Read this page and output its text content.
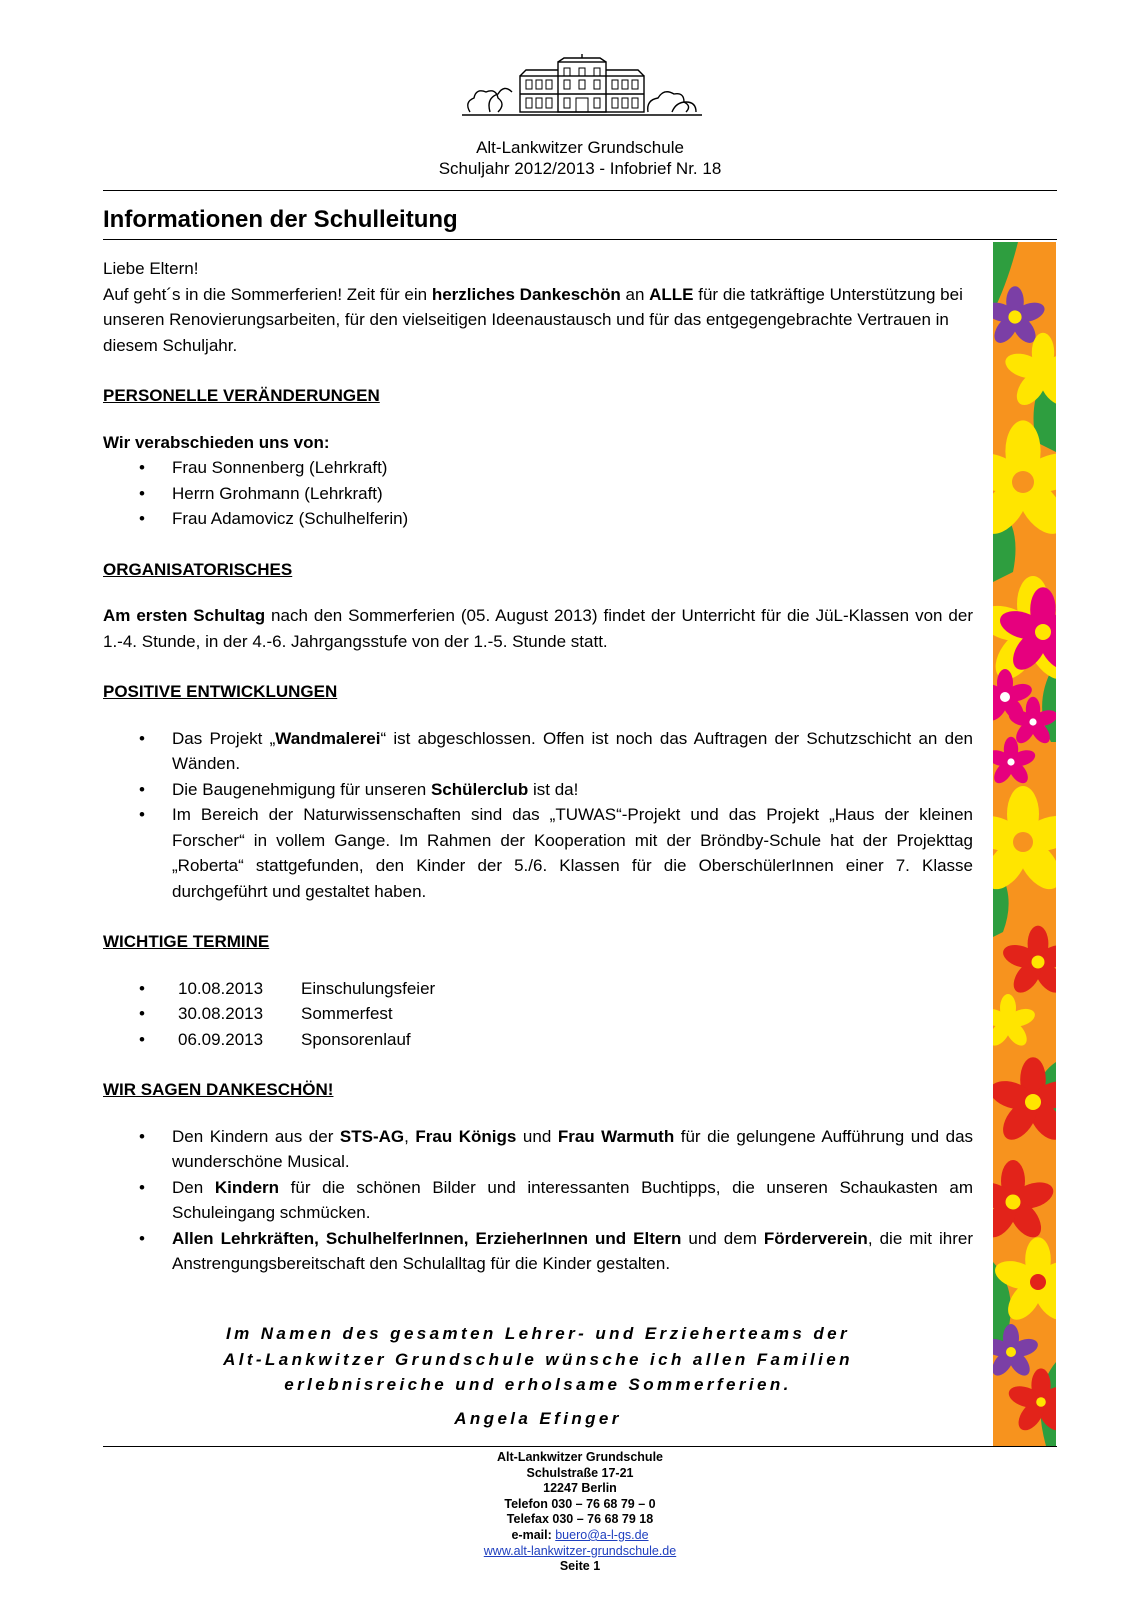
Alt-Lankwitzer Grundschule
Schuljahr 2012/2013 - Infobrief Nr. 18
Informationen der Schulleitung

Liebe Eltern!

Auf geht´s in die Sommerferien! Zeit für ein herzliches Dankeschön an ALLE für die tatkräftige Unterstützung bei unseren Renovierungsarbeiten, für den vielseitigen Ideenaustausch und für das entgegengebrachte Vertrauen in diesem Schuljahr.

PERSONELLE VERÄNDERUNGEN

Wir verabschieden uns von:

• Frau Sonnenberg (Lehrkraft)
• Herrn Grohmann (Lehrkraft)
• Frau Adamovicz (Schulhelferin)

ORGANISATORISCHES

Am ersten Schultag nach den Sommerferien (05. August 2013) findet der Unterricht für die JüL-Klassen von der 1.-4. Stunde, in der 4.-6. Jahrgangsstufe von der 1.-5. Stunde statt.

POSITIVE ENTWICKLUNGEN

• Das Projekt „Wandmalerei“ ist abgeschlossen. Offen ist noch das Auftragen der Schutzschicht an den Wänden.
• Die Baugenehmigung für unseren Schülerclub ist da!
• Im Bereich der Naturwissenschaften sind das „TUWAS“-Projekt und das Projekt „Haus der kleinen Forscher“ in vollem Gange. Im Rahmen der Kooperation mit der Bröndby-Schule hat der Projekttag „Roberta“ stattgefunden, den Kinder der 5./6. Klassen für die OberschülerInnen einer 7. Klasse durchgeführt und gestaltet haben.

WICHTIGE TERMINE

• 10.08.2013 Einschulungsfeier
• 30.08.2013 Sommerfest
• 06.09.2013 Sponsorenlauf

WIR SAGEN DANKESCHÖN!

• Den Kindern aus der STS-AG, Frau Königs und Frau Warmuth für die gelungene Aufführung und das wunderschöne Musical.
• Den Kindern für die schönen Bilder und interessanten Buchtipps, die unseren Schaukasten am Schuleingang schmücken.
• Allen Lehrkräften, SchulhelferInnen, ErzieherInnen und Eltern und dem Förderverein, die mit ihrer Anstrengungsbereitschaft den Schulalltag für die Kinder gestalten.
Im Namen des gesamten Lehrer- und Erzieherteams der
Alt-Lankwitzer Grundschule wünsche ich allen Familien
erlebnisreiche und erholsame Sommerferien.
Angela Efinger
Alt-Lankwitzer Grundschule
Schulstraße 17-21
12247 Berlin
Telefon 030 – 76 68 79 – 0
Telefax 030 – 76 68 79 18
e-mail: buero@a-l-gs.de
www.alt-lankwitzer-grundschule.de
Seite 1
